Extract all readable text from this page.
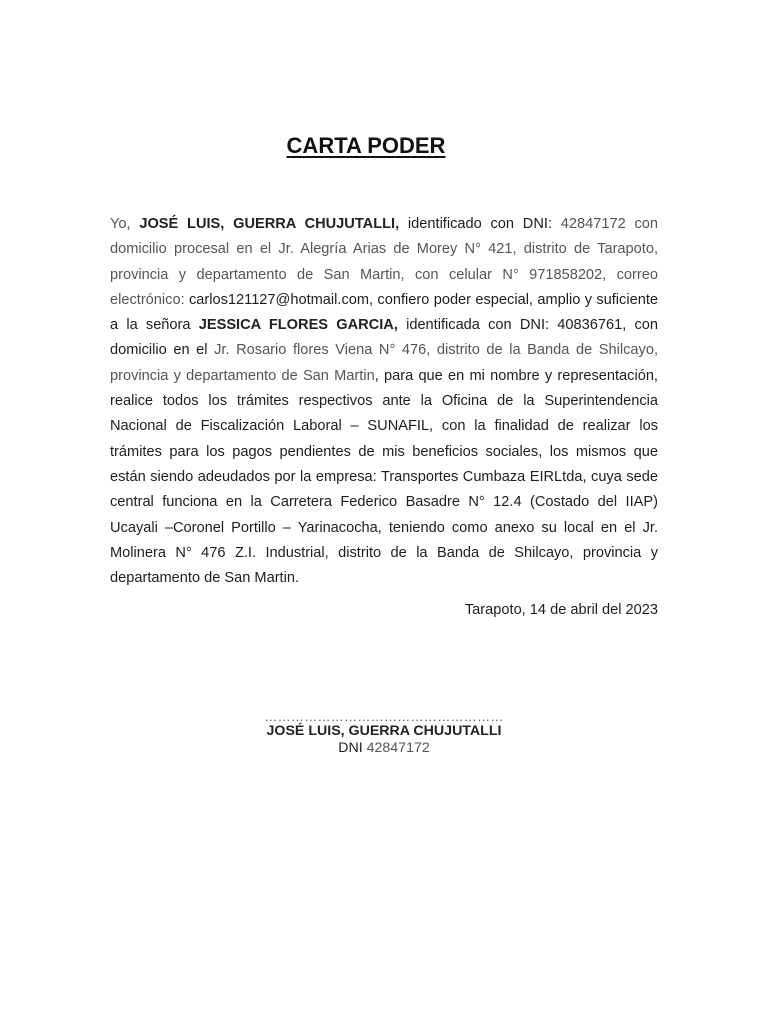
CARTA PODER
Yo, JOSÉ LUIS, GUERRA CHUJUTALLI, identificado con DNI: 42847172 con domicilio procesal en el Jr. Alegría Arias de Morey N° 421, distrito de Tarapoto, provincia y departamento de San Martin, con celular N° 971858202, correo electrónico: carlos121127@hotmail.com, confiero poder especial, amplio y suficiente a la señora JESSICA FLORES GARCIA, identificada con DNI: 40836761, con domicilio en el Jr. Rosario flores Viena N° 476, distrito de la Banda de Shilcayo, provincia y departamento de San Martin, para que en mi nombre y representación, realice todos los trámites respectivos ante la Oficina de la Superintendencia Nacional de Fiscalización Laboral – SUNAFIL, con la finalidad de realizar los trámites para los pagos pendientes de mis beneficios sociales, los mismos que están siendo adeudados por la empresa: Transportes Cumbaza EIRLtda, cuya sede central funciona en la Carretera Federico Basadre N° 12.4 (Costado del IIAP) Ucayali –Coronel Portillo – Yarinacocha, teniendo como anexo su local en el Jr. Molinera N° 476 Z.I. Industrial, distrito de la Banda de Shilcayo, provincia y departamento de San Martin.
Tarapoto, 14 de abril del 2023
………………………………………………
JOSÉ LUIS, GUERRA CHUJUTALLI
DNI 42847172
